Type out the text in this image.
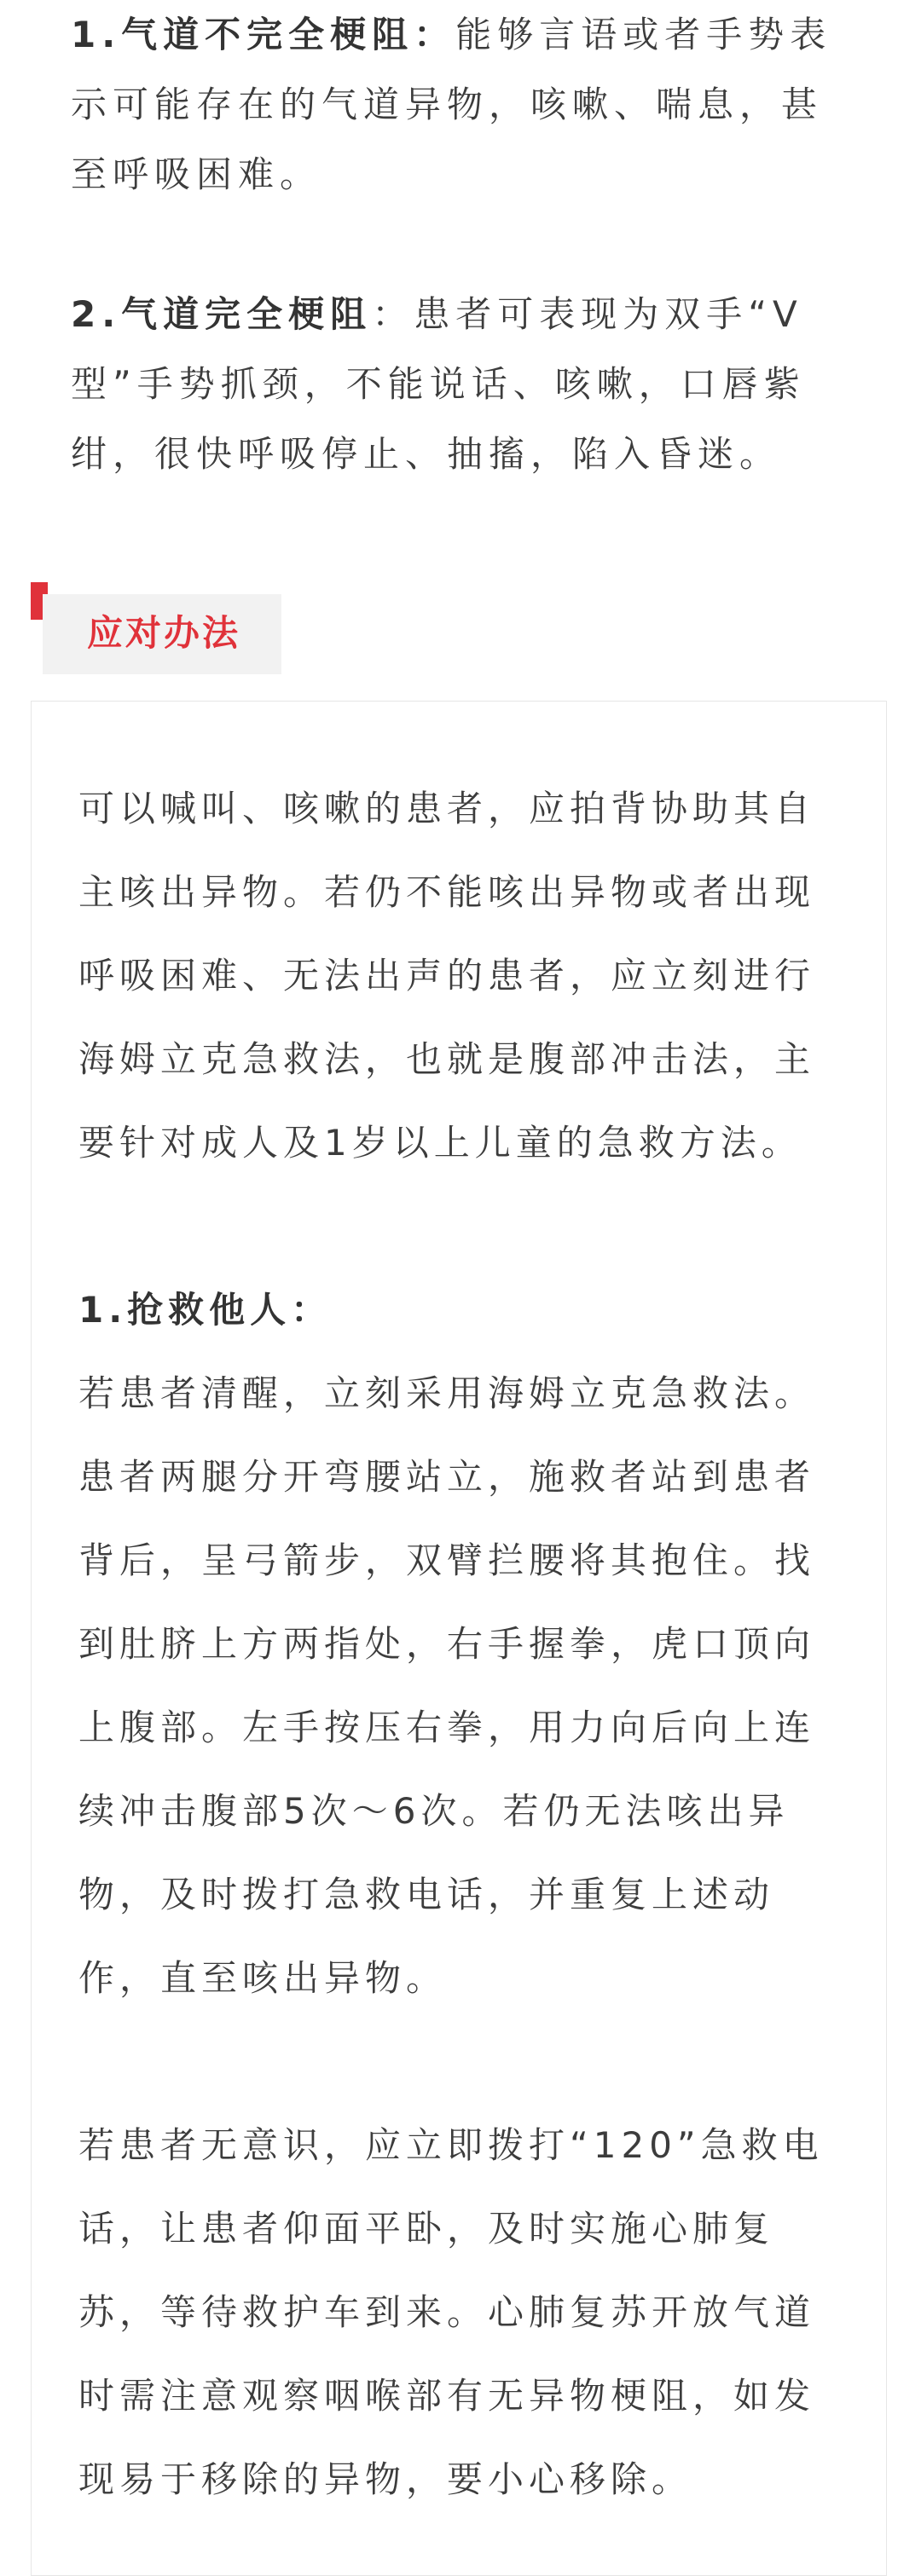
1.气道不完全梗阻：能够言语或者手势表示可能存在的气道异物，咳嗽、喘息，甚至呼吸困难。

2.气道完全梗阻：患者可表现为双手“V型”手势抓颈，不能说话、咳嗽，口唇紫绀，很快呼吸停止、抽搐，陷入昏迷。

应对办法

可以喊叫、咳嗽的患者，应拍背协助其自主咳出异物。若仍不能咳出异物或者出现呼吸困难、无法出声的患者，应立刻进行海姆立克急救法，也就是腹部冲击法，主要针对成人及1岁以上儿童的急救方法。

1.抢救他人：

若患者清醒，立刻采用海姆立克急救法。患者两腿分开弯腰站立，施救者站到患者背后，呈弓箭步，双臂拦腰将其抱住。找到肚脐上方两指处，右手握拳，虎口顶向上腹部。左手按压右拳，用力向后向上连续冲击腹部5次～6次。若仍无法咳出异物，及时拨打急救电话，并重复上述动作，直至咳出异物。

若患者无意识，应立即拨打“120”急救电话，让患者仰面平卧，及时实施心肺复苏，等待救护车到来。心肺复苏开放气道时需注意观察咽喉部有无异物梗阻，如发现易于移除的异物，要小心移除。
